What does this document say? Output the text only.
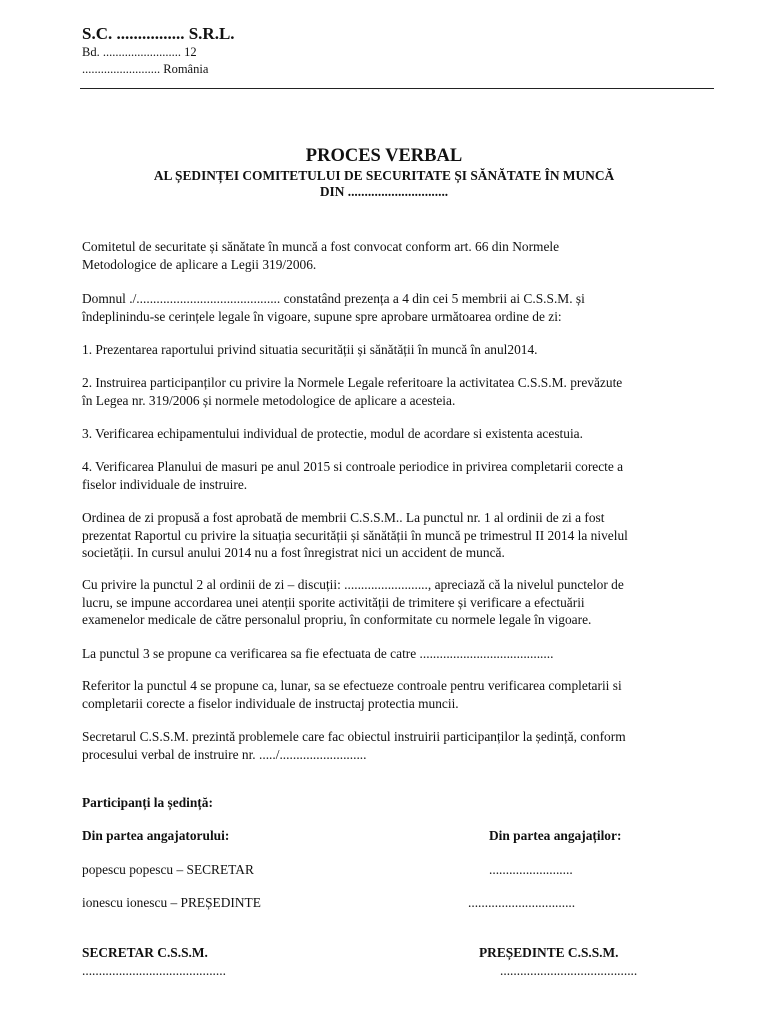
S.C. ................ S.R.L.
Bd. ......................... 12
......................... România
PROCES VERBAL
AL ȘEDINȚEI COMITETULUI DE SECURITATE ȘI SĂNĂTATE ÎN MUNCĂ
DIN ..............................
Comitetul de securitate și sănătate în muncă a fost convocat conform art. 66 din Normele
Metodologice de aplicare a Legii 319/2006.
Domnul ./........................................... constatând prezența a 4 din cei 5 membrii ai C.S.S.M. și
îndeplinindu-se cerințele legale în vigoare, supune spre aprobare următoarea ordine de zi:
1. Prezentarea raportului privind situatia securității și sănătății în muncă în anul2014.
2. Instruirea participanților cu privire la Normele Legale referitoare la activitatea C.S.S.M. prevăzute
în Legea nr. 319/2006 și normele metodologice de aplicare a acesteia.
3. Verificarea echipamentului individual de protectie, modul de acordare si existenta acestuia.
4. Verificarea Planului de masuri pe anul 2015 si controale periodice in privirea completarii corecte a
fiselor individuale de instruire.
Ordinea de zi propusă a fost aprobată de membrii C.S.S.M.. La punctul nr. 1 al ordinii de zi a fost
prezentat Raportul cu privire la situația securității și sănătății în muncă pe trimestrul II 2014 la nivelul
societății. In cursul anului 2014 nu a fost înregistrat nici un accident de muncă.
Cu privire la punctul 2 al ordinii de zi – discuții: ........................., apreciază că la nivelul punctelor de
lucru, se impune accordarea unei atenții sporite activității de trimitere și verificare a efectuării
examenelor medicale de către personalul propriu, în conformitate cu normele legale în vigoare.
La punctul 3 se propune ca verificarea sa fie efectuata de catre ........................................
Referitor la punctul 4 se propune ca, lunar, sa se efectueze controale pentru verificarea completarii si
completarii corecte a fiselor individuale de instructaj protectia muncii.
Secretarul C.S.S.M. prezintă problemele care fac obiectul instruirii participanților la ședință, conform
procesului verbal de instruire nr. ...../..........................
Participanți la ședință:
Din partea angajatorului:	Din partea angajaților:
popescu popescu – SECRETAR	.........................
ionescu ionescu – PREȘEDINTE	................................
SECRETAR C.S.S.M.
...........................................
PREȘEDINTE C.S.S.M.
.........................................
